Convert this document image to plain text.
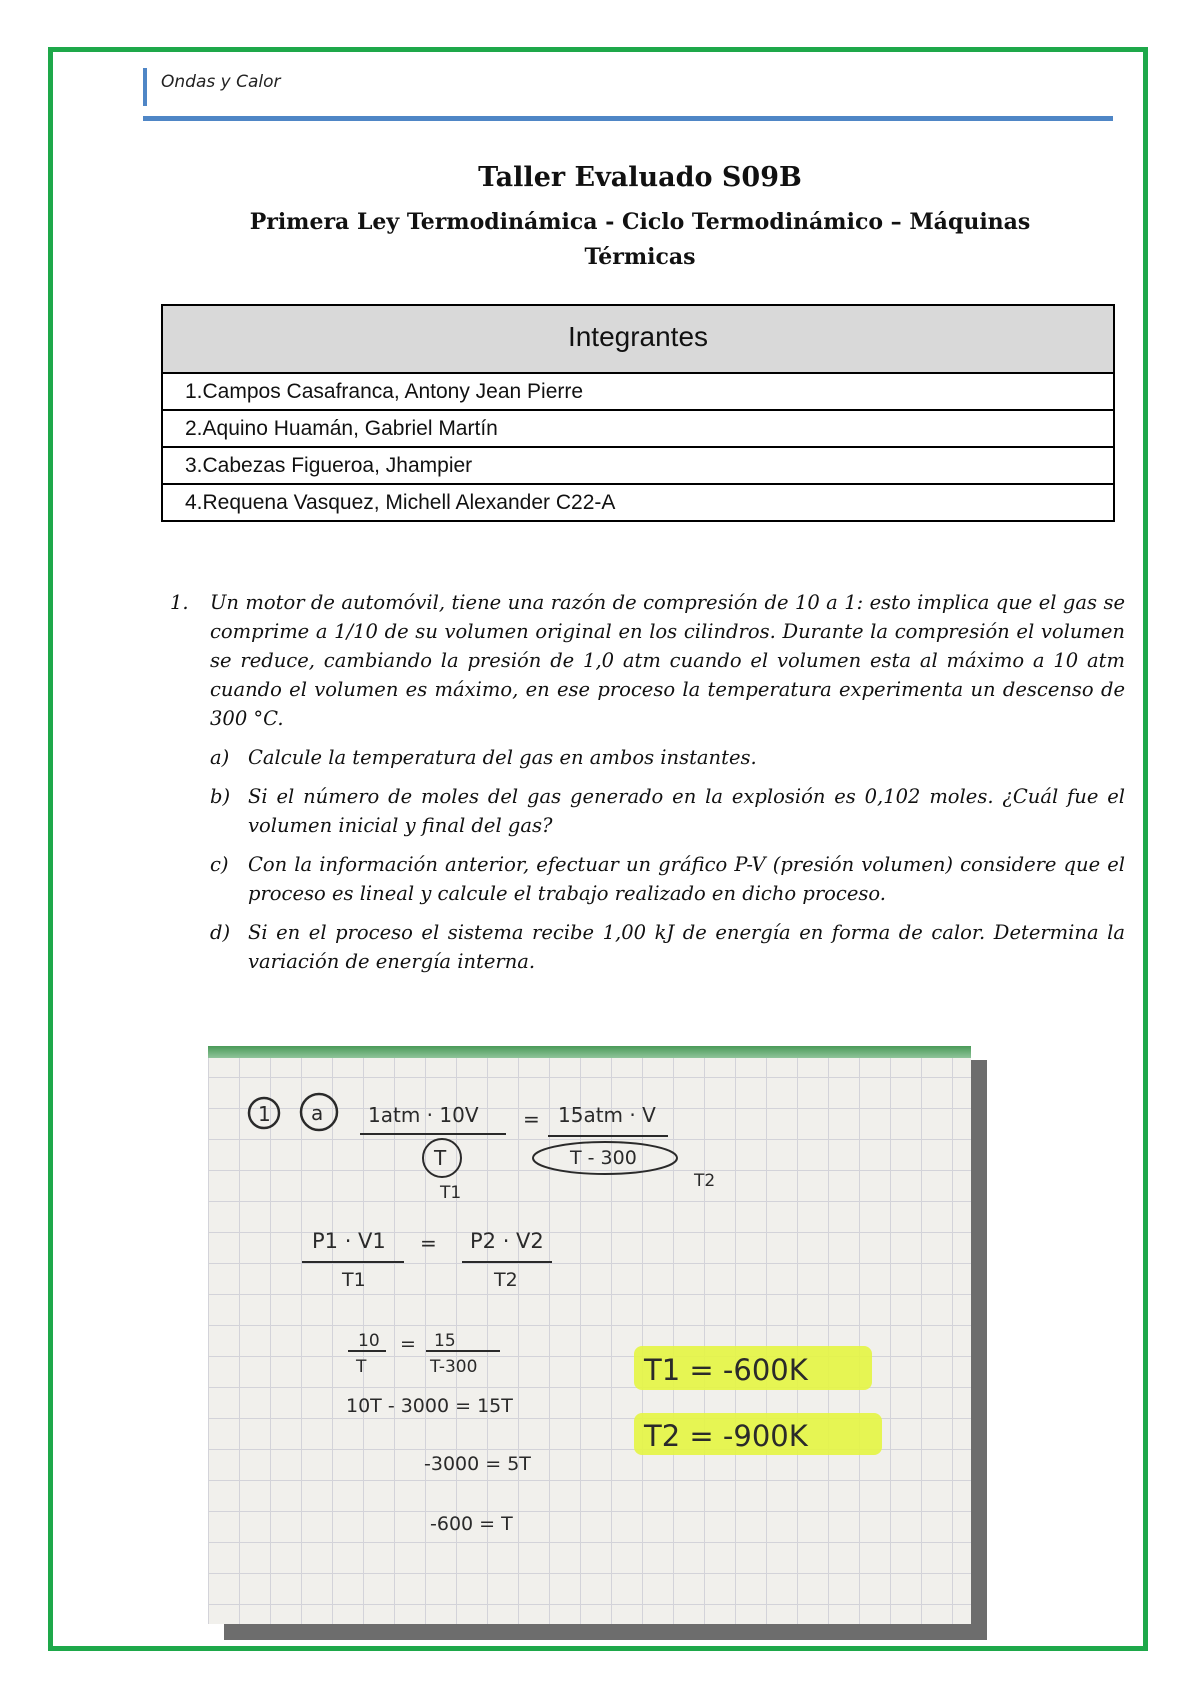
Ondas y Calor
Taller Evaluado S09B
Primera Ley Termodinámica - Ciclo Termodinámico – Máquinas Térmicas
Integrantes

1.Campos Casafranca, Antony Jean Pierre
2.Aquino Huamán, Gabriel Martín
3.Cabezas Figueroa, Jhampier
4.Requena Vasquez, Michell Alexander C22-A
1.	Un motor de automóvil, tiene una razón de compresión de 10 a 1: esto implica que el gas se comprime a 1/10 de su volumen original en los cilindros. Durante la compresión el volumen se reduce, cambiando la presión de 1,0 atm cuando el volumen esta al máximo a 10 atm cuando el volumen es máximo, en ese proceso la temperatura experimenta un descenso de 300 °C.
a) Calcule la temperatura del gas en ambos instantes.
b) Si el número de moles del gas generado en la explosión es 0,102 moles. ¿Cuál fue el volumen inicial y final del gas?
c) Con la información anterior, efectuar un gráfico P-V (presión volumen) considere que el proceso es lineal y calcule el trabajo realizado en dicho proceso.
d) Si en el proceso el sistema recibe 1,00 kJ de energía en forma de calor. Determina la variación de energía interna.
1 a 1atm · 10V
T
T1
= 15atm · V
T - 300
T2
P1 · V1
T1
= P2 · V2
T2
10
T
= 15
T-300
10T - 3000 = 15T
-3000 = 5T
-600 = T
T1 = -600K
T2 = -900K
